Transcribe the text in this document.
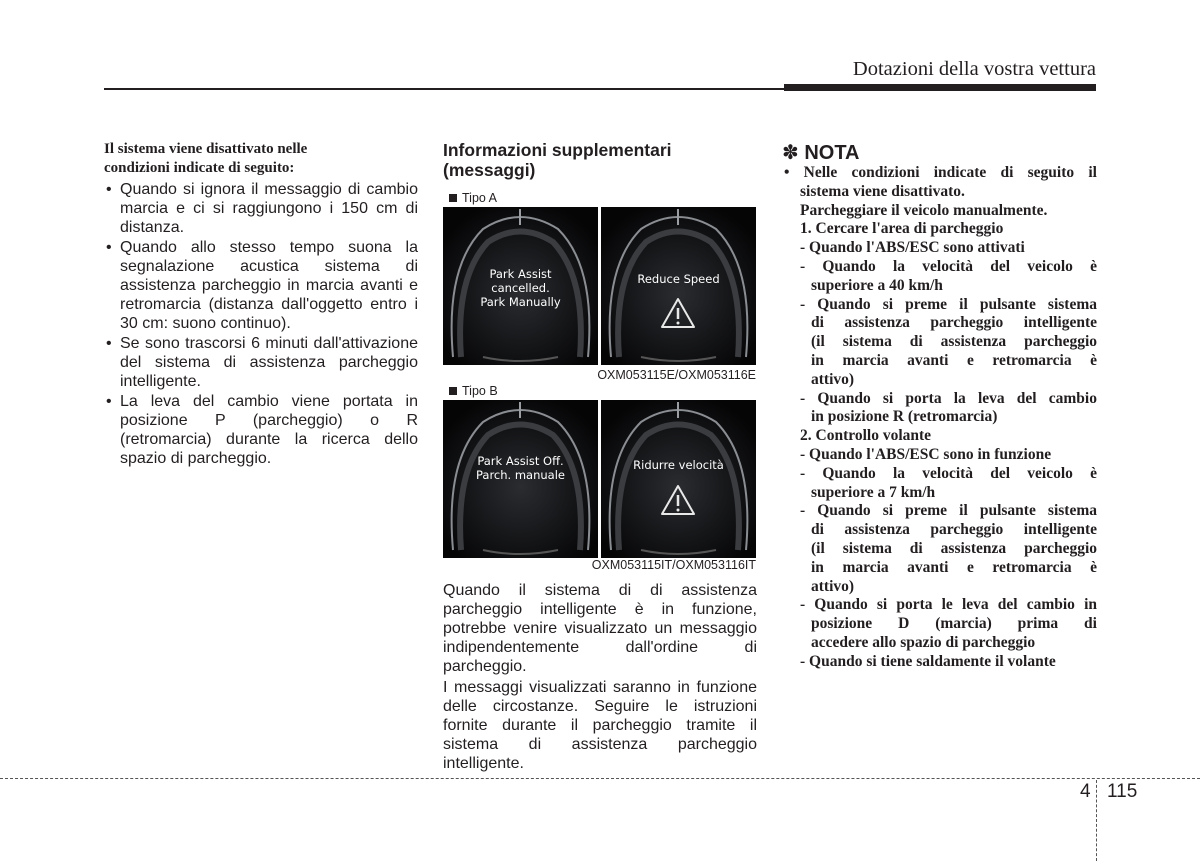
Dotazioni della vostra vettura
Il sistema viene disattivato nelle
condizioni indicate di seguito:
• Quando si ignora il messaggio di cambio marcia e ci si raggiungono i 150 cm di distanza.
• Quando allo stesso tempo suona la segnalazione acustica sistema di assistenza parcheggio in marcia avanti e retromarcia (distanza dall'oggetto entro i 30 cm: suono continuo).
• Se sono trascorsi 6 minuti dall'attivazione del sistema di assistenza parcheggio intelligente.
• La leva del cambio viene portata in posizione P (parcheggio) o R (retromarcia) durante la ricerca dello spazio di parcheggio.
Informazioni supplementari
(messaggi)
Tipo A
Park Assist
cancelled.
Park Manually
Reduce Speed
OXM053115E/OXM053116E
Tipo B
Park Assist Off.
Parch. manuale
Ridurre velocità
OXM053115IT/OXM053116IT

Quando il sistema di di assistenza parcheggio intelligente è in funzione, potrebbe venire visualizzato un messaggio indipendentemente dall'ordine di parcheggio.

I messaggi visualizzati saranno in funzione delle circostanze. Seguire le istruzioni fornite durante il parcheggio tramite il sistema di assistenza parcheggio intelligente.

✽ NOTA
• Nelle condizioni indicate di seguito il
sistema viene disattivato.
Parcheggiare il veicolo manualmente.
1. Cercare l'area di parcheggio
- Quando l'ABS/ESC sono attivati
- Quando la velocità del veicolo è
superiore a 40 km/h
- Quando si preme il pulsante sistema
di assistenza parcheggio intelligente
(il sistema di assistenza parcheggio
in marcia avanti e retromarcia è
attivo)
- Quando si porta la leva del cambio
in posizione R (retromarcia)
2. Controllo volante
- Quando l'ABS/ESC sono in funzione
- Quando la velocità del veicolo è
superiore a 7 km/h
- Quando si preme il pulsante sistema
di assistenza parcheggio intelligente
(il sistema di assistenza parcheggio
in marcia avanti e retromarcia è
attivo)
- Quando si porta le leva del cambio in
posizione D (marcia) prima di
accedere allo spazio di parcheggio
- Quando si tiene saldamente il volante
4 115
